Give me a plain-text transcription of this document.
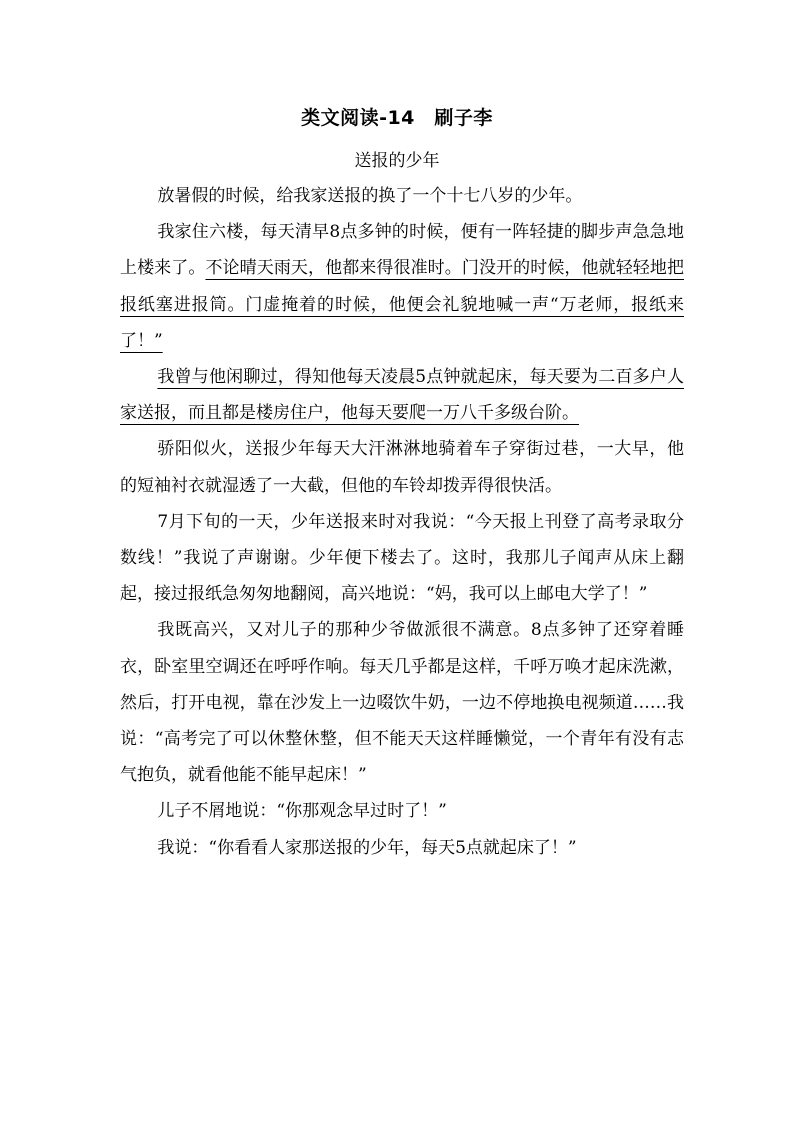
类文阅读-14　刷子李
送报的少年

放暑假的时候，给我家送报的换了一个十七八岁的少年。

我家住六楼，每天清早8点多钟的时候，便有一阵轻捷的脚步声急急地上楼来了。不论晴天雨天，他都来得很准时。门没开的时候，他就轻轻地把报纸塞进报筒。门虚掩着的时候，他便会礼貌地喊一声“万老师，报纸来了！”

我曾与他闲聊过，得知他每天凌晨5点钟就起床，每天要为二百多户人家送报，而且都是楼房住户，他每天要爬一万八千多级台阶。

骄阳似火，送报少年每天大汗淋淋地骑着车子穿街过巷，一大早，他的短袖衬衣就湿透了一大截，但他的车铃却拨弄得很快活。

7月下旬的一天，少年送报来时对我说：“今天报上刊登了高考录取分数线！”我说了声谢谢。少年便下楼去了。这时，我那儿子闻声从床上翻起，接过报纸急匆匆地翻阅，高兴地说：“妈，我可以上邮电大学了！”

我既高兴，又对儿子的那种少爷做派很不满意。8点多钟了还穿着睡衣，卧室里空调还在呼呼作响。每天几乎都是这样，千呼万唤才起床洗漱，然后，打开电视，靠在沙发上一边啜饮牛奶，一边不停地换电视频道……我说：“高考完了可以休整休整，但不能天天这样睡懒觉，一个青年有没有志气抱负，就看他能不能早起床！”

儿子不屑地说：“你那观念早过时了！”

我说：“你看看人家那送报的少年，每天5点就起床了！”
